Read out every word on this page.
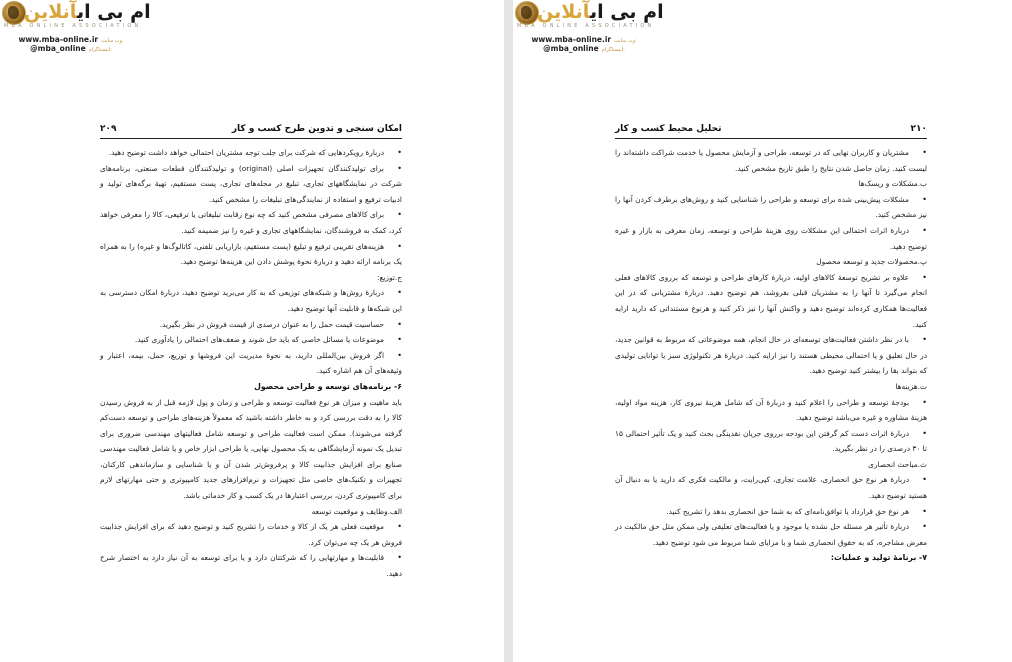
ام بی ایآنلاین
MBA ONLINE ASSOCIATION
www.mba-online.ir وب سایت:
@mba_online اینستاگرام:
امکان سنجی و تدوین طرح کسب و کار
۲۰۹

• دربارهٔ رویکردهایی که شرکت برای جلب توجه مشتریان احتمالی خواهد داشت توضیح دهید.

• برای تولیدکنندگان تجهیزات اصلی (original) و تولیدکنندگان قطعات صنعتی، برنامه‌های شرکت در نمایشگاههای تجاری، تبلیغ در مجله‌های تجاری، پست مستقیم، تهیهٔ برگه‌های تولید و ادبیات ترفیع و استفاده از نمایندگی‌های تبلیغات را مشخص کنید.

• برای کالاهای مصرفی مشخص کنید که چه نوع رقابت تبلیغاتی یا ترفیعی، کالا را معرفی خواهد کرد، کمک به فروشندگان، نمایشگاههای تجاری و غیره را نیز ضمیمه کنید.

• هزینه‌های تقریبی ترفیع و تبلیغ (پست مستقیم، بازاریابی تلفنی، کاتالوگ‌ها و غیره) را به همراه یک برنامه ارائه دهید و دربارهٔ نحوهٔ پوشش دادن این هزینه‌ها توضیح دهید.

ج.توزیع:

• دربارهٔ روش‌ها و شبکه‌های توزیعی که به کار می‌برید توضیح دهید، دربارهٔ امکان دسترسی به این شبکه‌ها و قابلیت آنها توضیح دهید.

• حساسیت قیمت حمل را به عنوان درصدی از قیمت فروش در نظر بگیرید.

• موضوعات یا مسائل خاصی که باید حل شوند و ضعف‌های احتمالی را یادآوری کنید.

• اگر فروش بین‌المللی دارید، به نحوهٔ مدیریت این فروشها و توزیع، حمل، بیمه، اعتبار و وثیقه‌های آن هم اشاره کنید.

۶- برنامه‌های توسعه و طراحی محصول

باید ماهیت و میزان هر نوع فعالیت توسعه و طراحی و زمان و پول لازمه قبل از به فروش رسیدن کالا را به دقت بررسی کرد و به خاطر داشته باشید که معمولاً هزینه‌های طراحی و توسعه دست‌کم گرفته می‌شوند). ممکن است فعالیت طراحی و توسعه شامل فعالیتهای مهندسی ضروری برای تبدیل یک نمونه آزمایشگاهی به یک محصول نهایی، یا طراحی ابزار خاص و یا شامل فعالیت مهندسی صنایع برای افزایش جذابیت کالا و پرفروش‌تر شدن آن و یا شناسایی و سازماندهی کارکنان، تجهیزات و تکنیک‌های خاصی مثل تجهیزات و نرم‌افزارهای جدید کامپیوتری و حتی مهارتهای لازم برای کامپیوتری کردن، بررسی اعتبارها در یک کسب و کار خدماتی باشد.

الف.وظایف و موقعیت توسعه

• موقعیت فعلی هر یک از کالا و خدمات را تشریح کنید و توضیح دهید که برای افزایش جذابیت فروش هر یک چه می‌توان کرد.

• قابلیت‌ها و مهارتهایی را که شرکتتان دارد و یا برای توسعه به آن نیاز دارد به اختصار شرح دهید.

ام بی ایآنلاین
MBA ONLINE ASSOCIATION
www.mba-online.ir وب سایت:
@mba_online اینستاگرام:
تحلیل محیط کسب و کار	۲۱۰

• مشتریان و کاربران نهایی که در توسعه، طراحی و آزمایش محصول یا خدمت شراکت داشته‌اند را لیست کنید. زمان حاصل شدن نتایج را طبق تاریخ مشخص کنید.

ب.مشکلات و ریسک‌ها

• مشکلات پیش‌بینی شده برای توسعه و طراحی را شناسایی کنید و روش‌های برطرف کردن آنها را نیز مشخص کنید.

• دربارهٔ اثرات احتمالی این مشکلات روی هزینهٔ طراحی و توسعه، زمان معرفی به بازار و غیره توضیح دهید.

پ.محصولات جدید و توسعه محصول

• علاوه بر تشریح توسعهٔ کالاهای اولیه، دربارهٔ کارهای طراحی و توسعه که برروی کالاهای فعلی انجام می‌گیرد تا آنها را به مشتریان قبلی بفروشد، هم توضیح دهید. دربارهٔ مشتریانی که در این فعالیت‌ها همکاری کرده‌اند توضیح دهید و واکنش آنها را نیز ذکر کنید و هرنوع مستنداتی که دارید ارایه کنید.

• با در نظر داشتن فعالیت‌های توسعه‌ای در حال انجام، همه موضوعاتی که مربوط به قوانین جدید، در حال تعلیق و یا احتمالی محیطی هستند را نیز ارایه کنید. دربارهٔ هر تکنولوژی سبز یا توانایی تولیدی که بتواند بقا را بیشتر کنید توضیح دهید.

ت.هزینه‌ها

• بودجهٔ توسعه و طراحی را اعلام کنید و دربارهٔ آن که شامل هزینهٔ نیروی کار، هزینه مواد اولیه، هزینهٔ مشاوره و غیره می‌باشد توضیح دهید.

• دربارهٔ اثرات دست کم گرفتن این بودجه برروی جریان نقدینگی بحث کنید و یک تأثیر احتمالی ۱۵ تا ۳۰ درصدی را در نظر بگیرید.

ث.مباحث انحصاری

• دربارهٔ هر نوع حق انحصاری، علامت تجاری، کپی‌رایت، و مالکیت فکری که دارید یا به دنبال آن هستید توضیح دهید.

• هر نوع حق قرارداد یا توافق‌نامه‌ای که به شما حق انحصاری بدهد را تشریح کنید.

• دربارهٔ تأثیر هر مسئله حل نشده یا موجود و یا فعالیت‌های تعلیقی ولی ممکن مثل حق مالکیت در معرض مشاجره، که به حقوق انحصاری شما و یا مزایای شما مربوط می شود توضیح دهید.

۷- برنامهٔ تولید و عملیات:
